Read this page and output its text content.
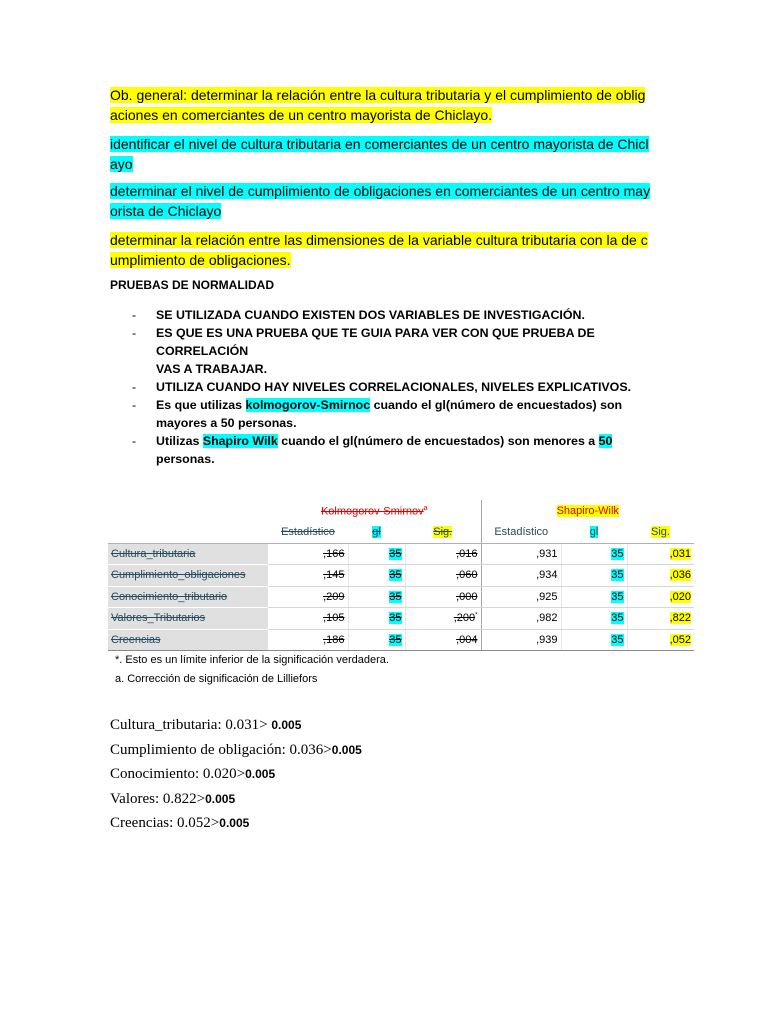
Ob. general: determinar la relación entre la cultura tributaria y el cumplimiento de oblig
aciones en comerciantes de un centro mayorista de Chiclayo.
identificar el nivel de cultura tributaria en comerciantes de un centro mayorista de Chicl
ayo
determinar el nivel de cumplimiento de obligaciones en comerciantes de un centro may
orista de Chiclayo
determinar la relación entre las dimensiones de la variable cultura tributaria con la de c
umplimiento de obligaciones.
PRUEBAS DE NORMALIDAD
- SE UTILIZADA CUANDO EXISTEN DOS VARIABLES DE INVESTIGACIÓN.
- ES QUE ES UNA PRUEBA QUE TE GUIA PARA VER CON QUE PRUEBA DE CORRELACIÓN
VAS A TRABAJAR.
- UTILIZA CUANDO HAY NIVELES CORRELACIONALES, NIVELES EXPLICATIVOS.
- Es que utilizas kolmogorov-Smirnoc cuando el gl(número de encuestados) son
mayores a 50 personas.
- Utilizas Shapiro Wilk cuando el gl(número de encuestados) son menores a 50
personas.
	Kolmogorov-Smirnov$^a$			Shapiro-Wilk		
	Estadístico	gl	Sig.	Estadístico	gl	Sig.
Cultura_tributaria	,166	35	,016	,931	35	,031
Cumplimiento_obligaciones	,145	35	,060	,934	35	,036
Conocimiento_tributario	,209	35	,000	,925	35	,020
Valores_Tributarios	,105	35	,200*	,982	35	,822
Creencias	,186	35	,004	,939	35	,052
*. Esto es un límite inferior de la significación verdadera.
a. Corrección de significación de Lilliefors
Cultura_tributaria: 0.031> 0.005
Cumplimiento de obligación: 0.036>0.005
Conocimiento: 0.020>0.005
Valores: 0.822>0.005
Creencias: 0.052>0.005
